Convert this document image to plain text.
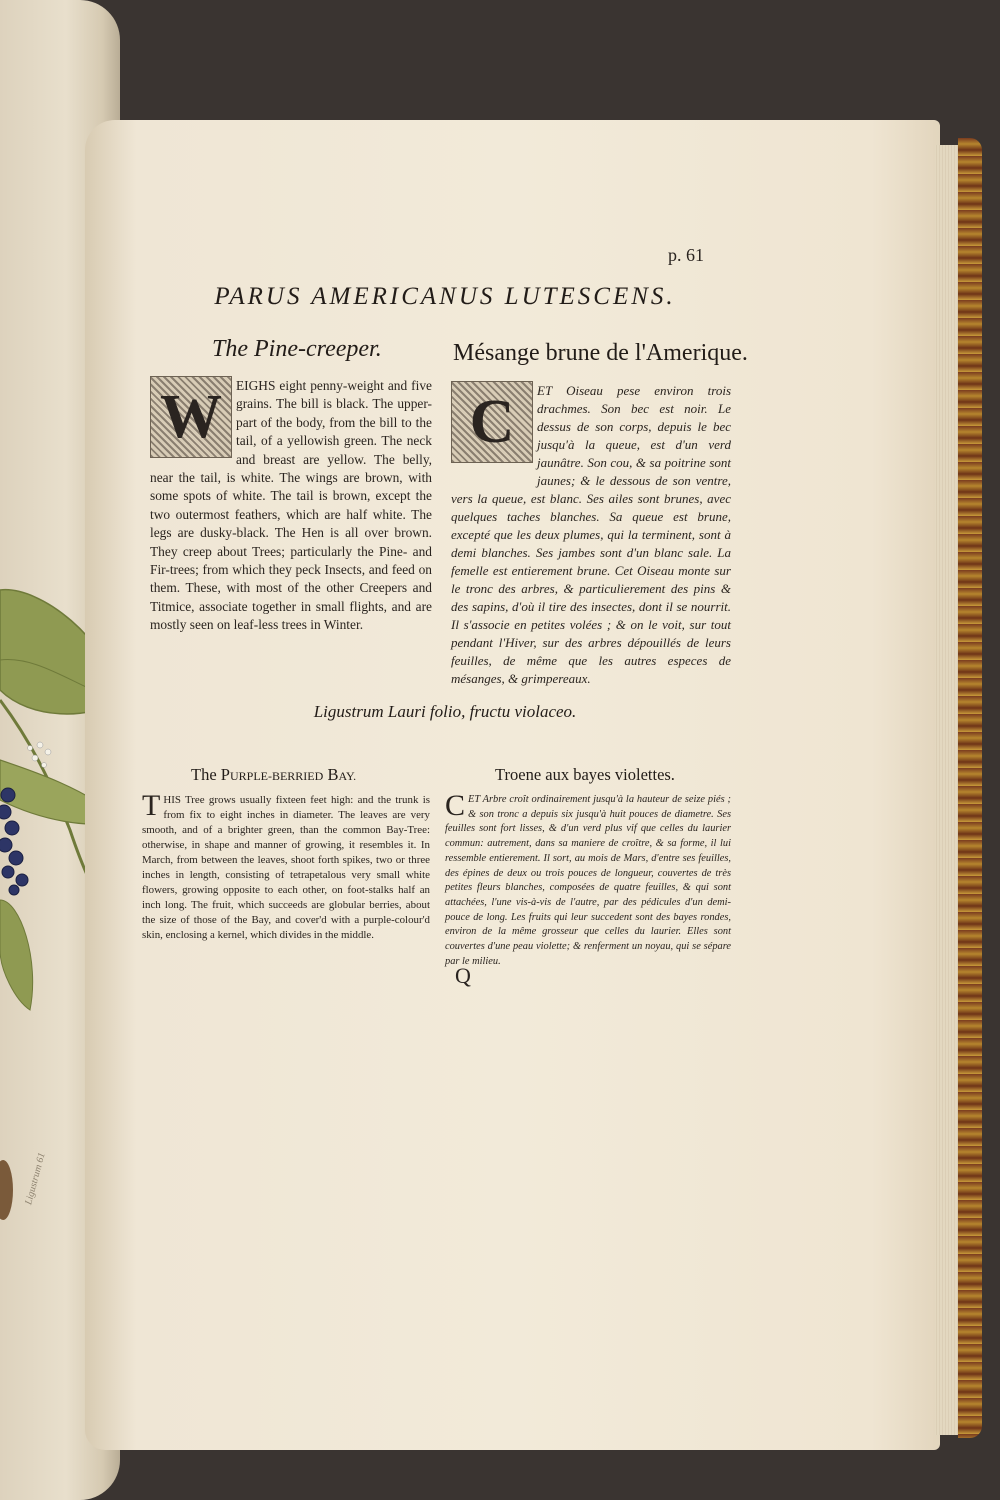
Ligustrum 61
p. 61
PARUS AMERICANUS LUTESCENS.
The Pine-creeper.	Mésange brune de l'Amerique.
W	C
EIGHS eight penny-weight and five grains. The bill is black. The upper-part of the body, from the bill to the tail, of a yellowish green. The neck and breast are yellow. The belly, near the tail, is white. The wings are brown, with some spots of white. The tail is brown, except the two outermost feathers, which are half white. The legs are dusky-black. The Hen is all over brown. They creep about Trees; particularly the Pine- and Fir-trees; from which they peck Insects, and feed on them. These, with most of the other Creepers and Titmice, associate together in small flights, and are mostly seen on leaf-less trees in Winter.
ET Oiseau pese environ trois drachmes. Son bec est noir. Le dessus de son corps, depuis le bec jusqu'à la queue, est d'un verd jaunâtre. Son cou, & sa poitrine sont jaunes; & le dessous de son ventre, vers la queue, est blanc. Ses ailes sont brunes, avec quelques taches blanches. Sa queue est brune, excepté que les deux plumes, qui la terminent, sont à demi blanches. Ses jambes sont d'un blanc sale. La femelle est entierement brune. Cet Oiseau monte sur le tronc des arbres, & particulierement des pins & des sapins, d'où il tire des insectes, dont il se nourrit. Il s'associe en petites volées ; & on le voit, sur tout pendant l'Hiver, sur des arbres dépouillés de leurs feuilles, de même que les autres especes de mésanges, & grimpereaux.
Ligustrum Lauri folio, fructu violaceo.
The PURPLE-BERRIED BAY.	Troene aux bayes violettes.
T HIS Tree grows usually fixteen feet high: and the trunk is from fix to eight inches in diameter. The leaves are very smooth, and of a brighter green, than the common Bay-Tree: otherwise, in shape and manner of growing, it resembles it. In March, from between the leaves, shoot forth spikes, two or three inches in length, consisting of tetrapetalous very small white flowers, growing opposite to each other, on foot-stalks half an inch long. The fruit, which succeeds are globular berries, about the size of those of the Bay, and cover'd with a purple-colour'd skin, enclosing a kernel, which divides in the middle.
C ET Arbre croît ordinairement jusqu'à la hauteur de seize piés ; & son tronc a depuis six jusqu'à huit pouces de diametre. Ses feuilles sont fort lisses, & d'un verd plus vif que celles du laurier commun: autrement, dans sa maniere de croître, & sa forme, il lui ressemble entierement. Il sort, au mois de Mars, d'entre ses feuilles, des épines de deux ou trois pouces de longueur, couvertes de très petites fleurs blanches, composées de quatre feuilles, & qui sont attachées, l'une vis-à-vis de l'autre, par des pédicules d'un demi-pouce de long. Les fruits qui leur succedent sont des bayes rondes, environ de la même grosseur que celles du laurier. Elles sont couvertes d'une peau violette; & renferment un noyau, qui se sépare par le milieu.
Q
